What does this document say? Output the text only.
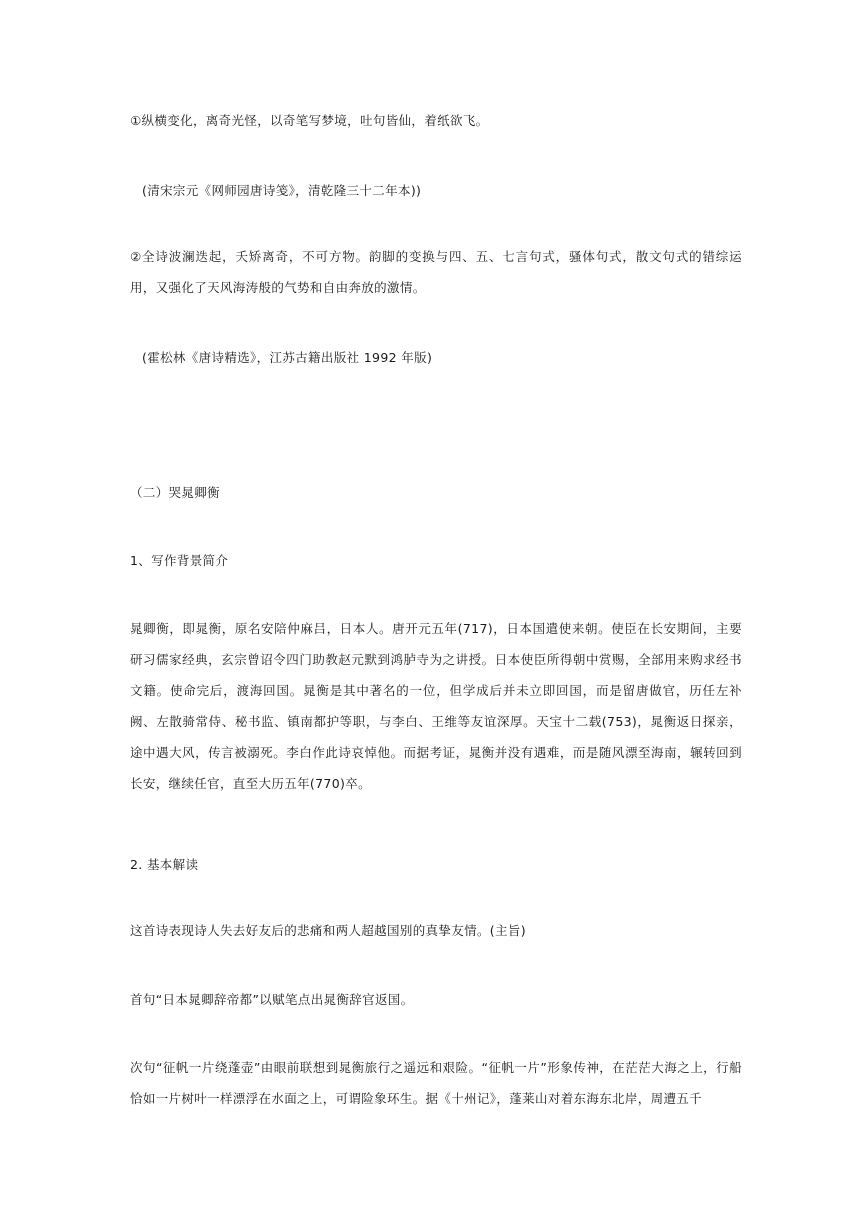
①纵横变化，离奇光怪，以奇笔写梦境，吐句皆仙，着纸欲飞。
(清宋宗元《网师园唐诗笺》，清乾隆三十二年本))
②全诗波澜迭起，夭矫离奇，不可方物。韵脚的变换与四、五、七言句式，骚体句式，散文句式的错综运用，又强化了天风海涛般的气势和自由奔放的激情。
(霍松林《唐诗精选》，江苏古籍出版社 1992 年版)
（二）哭晁卿衡
1、写作背景简介
晁卿衡，即晁衡，原名安陪仲麻吕，日本人。唐开元五年(717)，日本国遣使来朝。使臣在长安期间，主要研习儒家经典，玄宗曾诏令四门助教赵元默到鸿胪寺为之讲授。日本使臣所得朝中赏赐，全部用来购求经书文籍。使命完后，渡海回国。晁衡是其中著名的一位，但学成后并未立即回国，而是留唐做官，历任左补阙、左散骑常侍、秘书监、镇南都护等职，与李白、王维等友谊深厚。天宝十二载(753)，晁衡返日探亲，途中遇大风，传言被溺死。李白作此诗哀悼他。而据考证，晁衡并没有遇难，而是随风漂至海南，辗转回到长安，继续任官，直至大历五年(770)卒。
2. 基本解读
这首诗表现诗人失去好友后的悲痛和两人超越国别的真挚友情。(主旨)
首句“日本晁卿辞帝都”以赋笔点出晁衡辞官返国。
次句“征帆一片绕蓬壶”由眼前联想到晁衡旅行之遥远和艰险。“征帆一片”形象传神，在茫茫大海之上，行船恰如一片树叶一样漂浮在水面之上，可谓险象环生。据《十州记》，蓬莱山对着东海东北岸，周遭五千
